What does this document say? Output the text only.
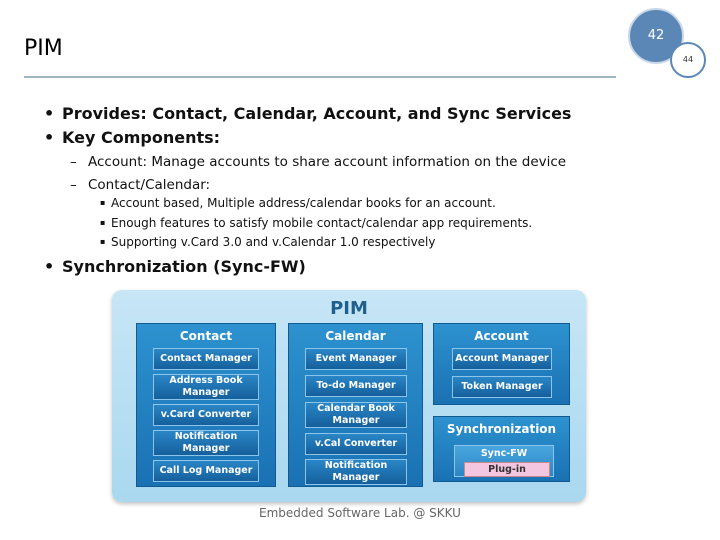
PIM
42
44
• Provides: Contact, Calendar, Account, and Sync Services
• Key Components:
– Account: Manage accounts to share account information on the device
– Contact/Calendar:
▪ Account based, Multiple address/calendar books for an account.
▪ Enough features to satisfy mobile contact/calendar app requirements.
▪ Supporting v.Card 3.0 and v.Calendar 1.0 respectively
• Synchronization (Sync-FW)
PIM
Contact
Contact Manager
Address Book Manager
v.Card Converter
Notification Manager
Call Log Manager
Calendar
Event Manager
To-do Manager
Calendar Book Manager
v.Cal Converter
Notification Manager
Account
Account Manager
Token Manager
Synchronization
Sync-FW
Plug-in
Embedded Software Lab. @ SKKU
